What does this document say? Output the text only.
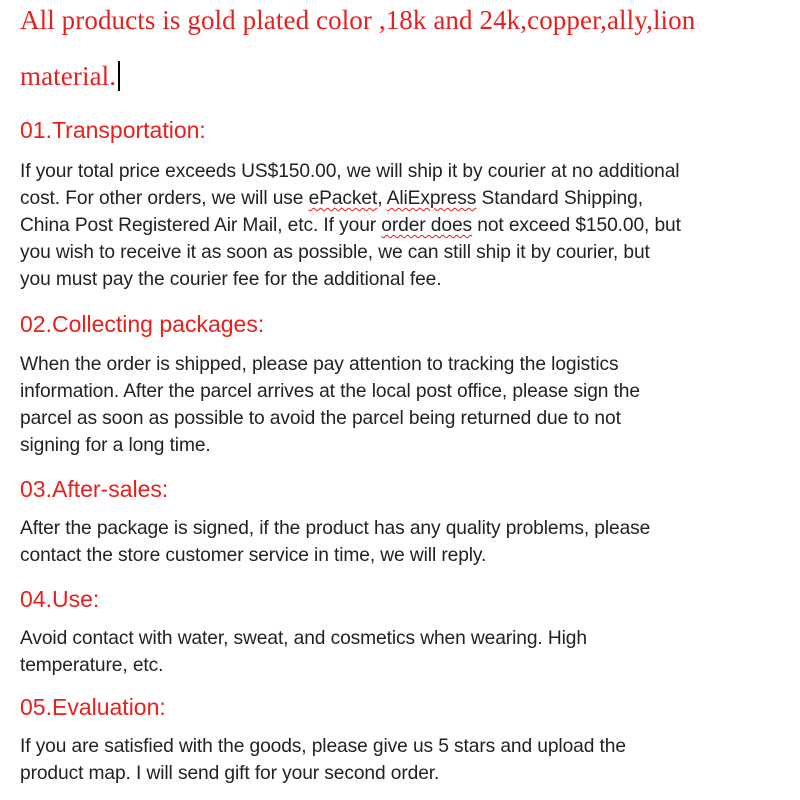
All products is gold plated color ,18k and 24k,copper,ally,lion

material.

01.Transportation:

If your total price exceeds US$150.00, we will ship it by courier at no additional

cost. For other orders, we will use ePacket, AliExpress Standard Shipping,

China Post Registered Air Mail, etc. If your order does not exceed $150.00, but

you wish to receive it as soon as possible, we can still ship it by courier, but

you must pay the courier fee for the additional fee.

02.Collecting packages:

When the order is shipped, please pay attention to tracking the logistics

information. After the parcel arrives at the local post office, please sign the

parcel as soon as possible to avoid the parcel being returned due to not

signing for a long time.

03.After-sales:

After the package is signed, if the product has any quality problems, please

contact the store customer service in time, we will reply.

04.Use:

Avoid contact with water, sweat, and cosmetics when wearing. High

temperature, etc.

05.Evaluation:

If you are satisfied with the goods, please give us 5 stars and upload the

product map. I will send gift for your second order.
